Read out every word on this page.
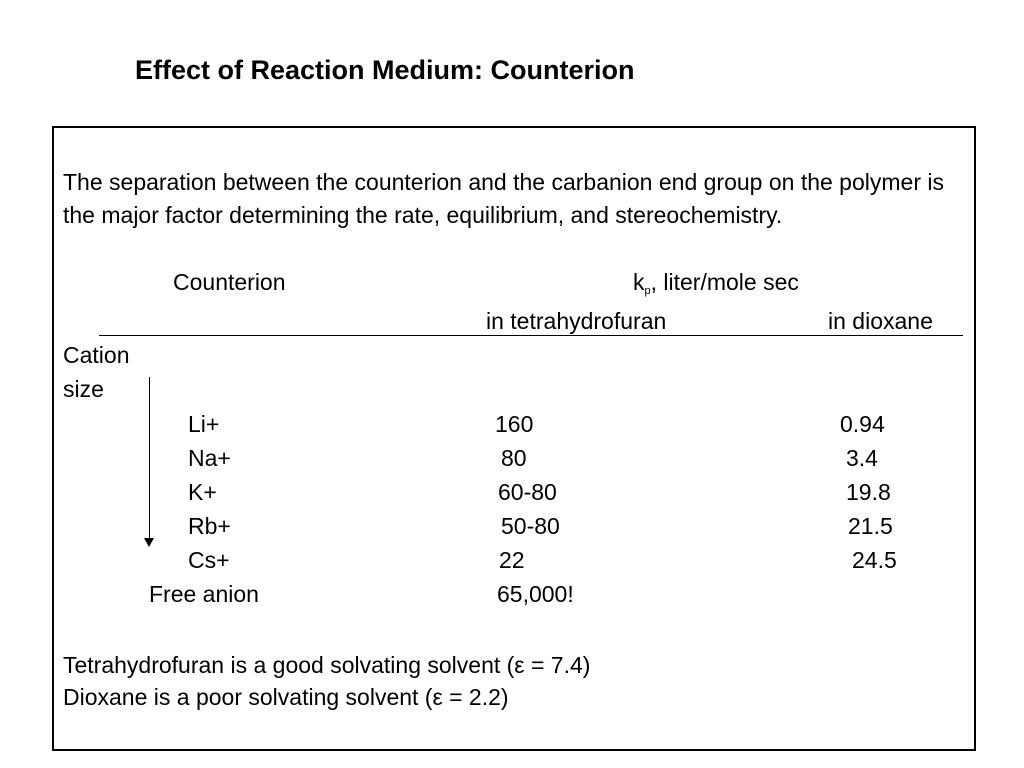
Effect of Reaction Medium: Counterion
The separation between the counterion and the carbanion end group on the polymer is the major factor determining the rate, equilibrium, and stereochemistry.
Counterion	$k_p$, liter/mole sec
in tetrahydrofuran	in dioxane
Cation
size
Li+	160	0.94
Na+	80	3.4
K+	60-80	19.8
Rb+	50-80	21.5
Cs+	22	24.5
Free anion	65,000!
Tetrahydrofuran is a good solvating solvent (ε = 7.4)
Dioxane is a poor solvating solvent (ε = 2.2)
